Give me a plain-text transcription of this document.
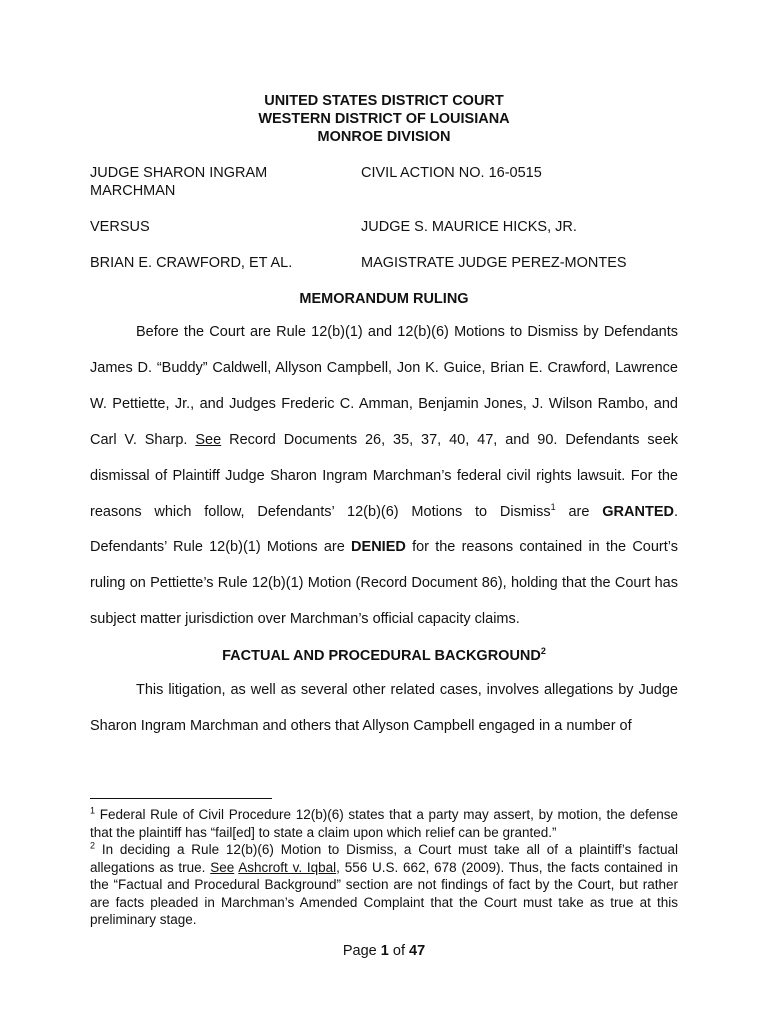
UNITED STATES DISTRICT COURT
WESTERN DISTRICT OF LOUISIANA
MONROE DIVISION
JUDGE SHARON INGRAM
MARCHMAN
CIVIL ACTION NO. 16-0515
VERSUS	JUDGE S. MAURICE HICKS, JR.
BRIAN E. CRAWFORD, ET AL.	MAGISTRATE JUDGE PEREZ-MONTES
MEMORANDUM RULING

Before the Court are Rule 12(b)(1) and 12(b)(6) Motions to Dismiss by Defendants James D. “Buddy” Caldwell, Allyson Campbell, Jon K. Guice, Brian E. Crawford, Lawrence W. Pettiette, Jr., and Judges Frederic C. Amman, Benjamin Jones, J. Wilson Rambo, and Carl V. Sharp. See Record Documents 26, 35, 37, 40, 47, and 90. Defendants seek dismissal of Plaintiff Judge Sharon Ingram Marchman’s federal civil rights lawsuit. For the reasons which follow, Defendants’ 12(b)(6) Motions to Dismiss$^1$ are GRANTED. Defendants’ Rule 12(b)(1) Motions are DENIED for the reasons contained in the Court’s ruling on Pettiette’s Rule 12(b)(1) Motion (Record Document 86), holding that the Court has subject matter jurisdiction over Marchman’s official capacity claims.

FACTUAL AND PROCEDURAL BACKGROUND$^2$

This litigation, as well as several other related cases, involves allegations by Judge Sharon Ingram Marchman and others that Allyson Campbell engaged in a number of

$^1$ Federal Rule of Civil Procedure 12(b)(6) states that a party may assert, by motion, the defense that the plaintiff has “fail[ed] to state a claim upon which relief can be granted.”

$^2$ In deciding a Rule 12(b)(6) Motion to Dismiss, a Court must take all of a plaintiff’s factual allegations as true. See Ashcroft v. Iqbal, 556 U.S. 662, 678 (2009). Thus, the facts contained in the “Factual and Procedural Background” section are not findings of fact by the Court, but rather are facts pleaded in Marchman’s Amended Complaint that the Court must take as true at this preliminary stage.

Page 1 of 47
